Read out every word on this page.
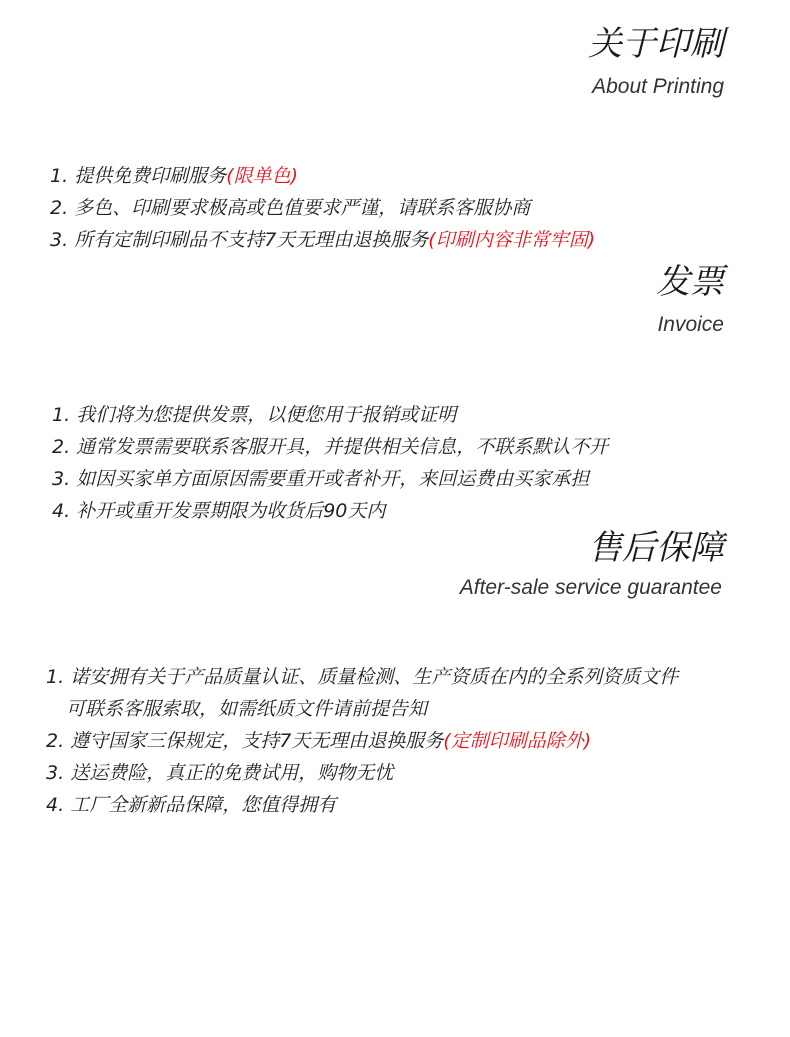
关于印刷
About Printing
1. 提供免费印刷服务(限单色)
2. 多色、印刷要求极高或色值要求严谨，请联系客服协商
3. 所有定制印刷品不支持7天无理由退换服务(印刷内容非常牢固)
发票
Invoice
1. 我们将为您提供发票，以便您用于报销或证明
2. 通常发票需要联系客服开具，并提供相关信息，不联系默认不开
3. 如因买家单方面原因需要重开或者补开，来回运费由买家承担
4. 补开或重开发票期限为收货后90天内
售后保障
After-sale service guarantee
1. 诺安拥有关于产品质量认证、质量检测、生产资质在内的全系列资质文件
可联系客服索取，如需纸质文件请前提告知
2. 遵守国家三保规定，支持7天无理由退换服务(定制印刷品除外)
3. 送运费险，真正的免费试用，购物无忧
4. 工厂全新新品保障，您值得拥有
